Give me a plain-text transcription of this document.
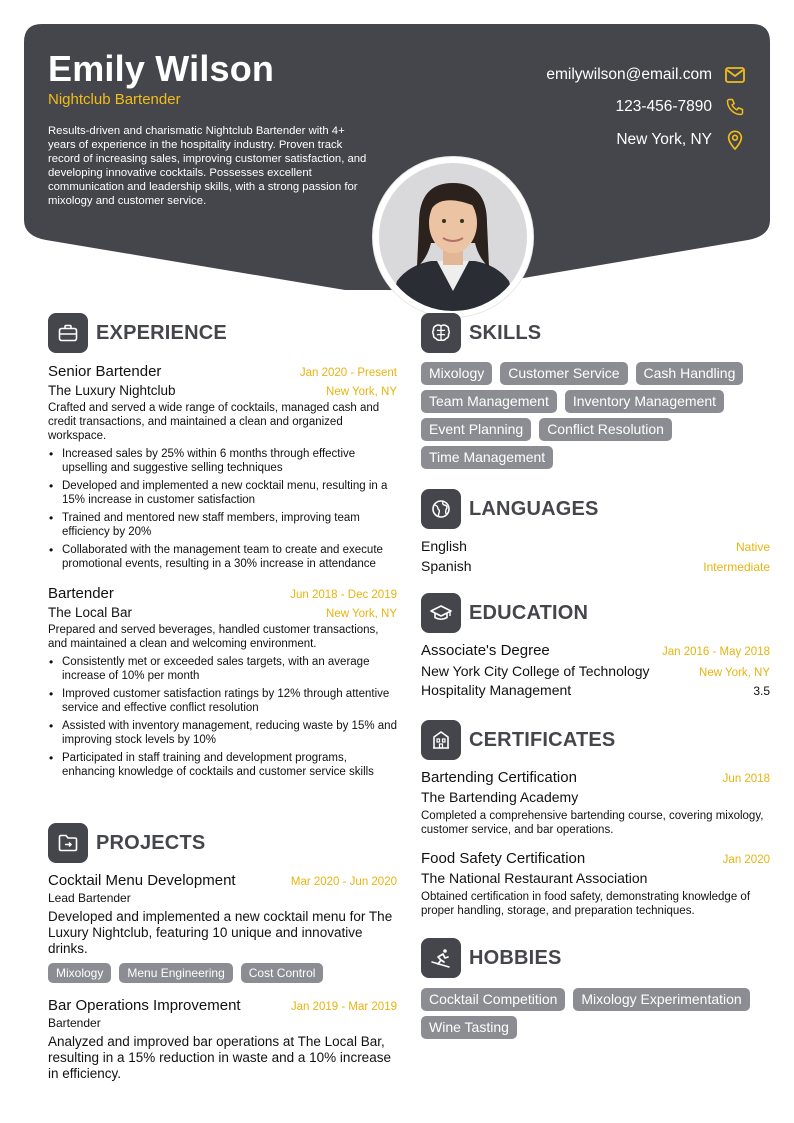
Emily Wilson
Nightclub Bartender
Results-driven and charismatic Nightclub Bartender with 4+ years of experience in the hospitality industry. Proven track record of increasing sales, improving customer satisfaction, and developing innovative cocktails. Possesses excellent communication and leadership skills, with a strong passion for mixology and customer service.
emilywilson@email.com
123-456-7890
New York, NY
EXPERIENCE
Senior Bartender	Jan 2020 - Present
The Luxury Nightclub	New York, NY
Crafted and served a wide range of cocktails, managed cash and credit transactions, and maintained a clean and organized workspace.
• Increased sales by 25% within 6 months through effective upselling and suggestive selling techniques
• Developed and implemented a new cocktail menu, resulting in a 15% increase in customer satisfaction
• Trained and mentored new staff members, improving team efficiency by 20%
• Collaborated with the management team to create and execute promotional events, resulting in a 30% increase in attendance
Bartender	Jun 2018 - Dec 2019
The Local Bar	New York, NY
Prepared and served beverages, handled customer transactions, and maintained a clean and welcoming environment.
• Consistently met or exceeded sales targets, with an average increase of 10% per month
• Improved customer satisfaction ratings by 12% through attentive service and effective conflict resolution
• Assisted with inventory management, reducing waste by 15% and improving stock levels by 10%
• Participated in staff training and development programs, enhancing knowledge of cocktails and customer service skills
PROJECTS
Cocktail Menu Development	Mar 2020 - Jun 2020
Lead Bartender
Developed and implemented a new cocktail menu for The Luxury Nightclub, featuring 10 unique and innovative drinks.
Mixology	Menu Engineering	Cost Control
Bar Operations Improvement	Jan 2019 - Mar 2019
Bartender
Analyzed and improved bar operations at The Local Bar, resulting in a 15% reduction in waste and a 10% increase in efficiency.
SKILLS
Mixology	Customer Service	Cash Handling
Team Management	Inventory Management
Event Planning	Conflict Resolution
Time Management
LANGUAGES
English	Native
Spanish	Intermediate
EDUCATION
Associate's Degree	Jan 2016 - May 2018
New York City College of Technology	New York, NY
Hospitality Management	3.5
CERTIFICATES
Bartending Certification	Jun 2018
The Bartending Academy
Completed a comprehensive bartending course, covering mixology, customer service, and bar operations.
Food Safety Certification	Jan 2020
The National Restaurant Association
Obtained certification in food safety, demonstrating knowledge of proper handling, storage, and preparation techniques.
HOBBIES
Cocktail Competition	Mixology Experimentation
Wine Tasting
